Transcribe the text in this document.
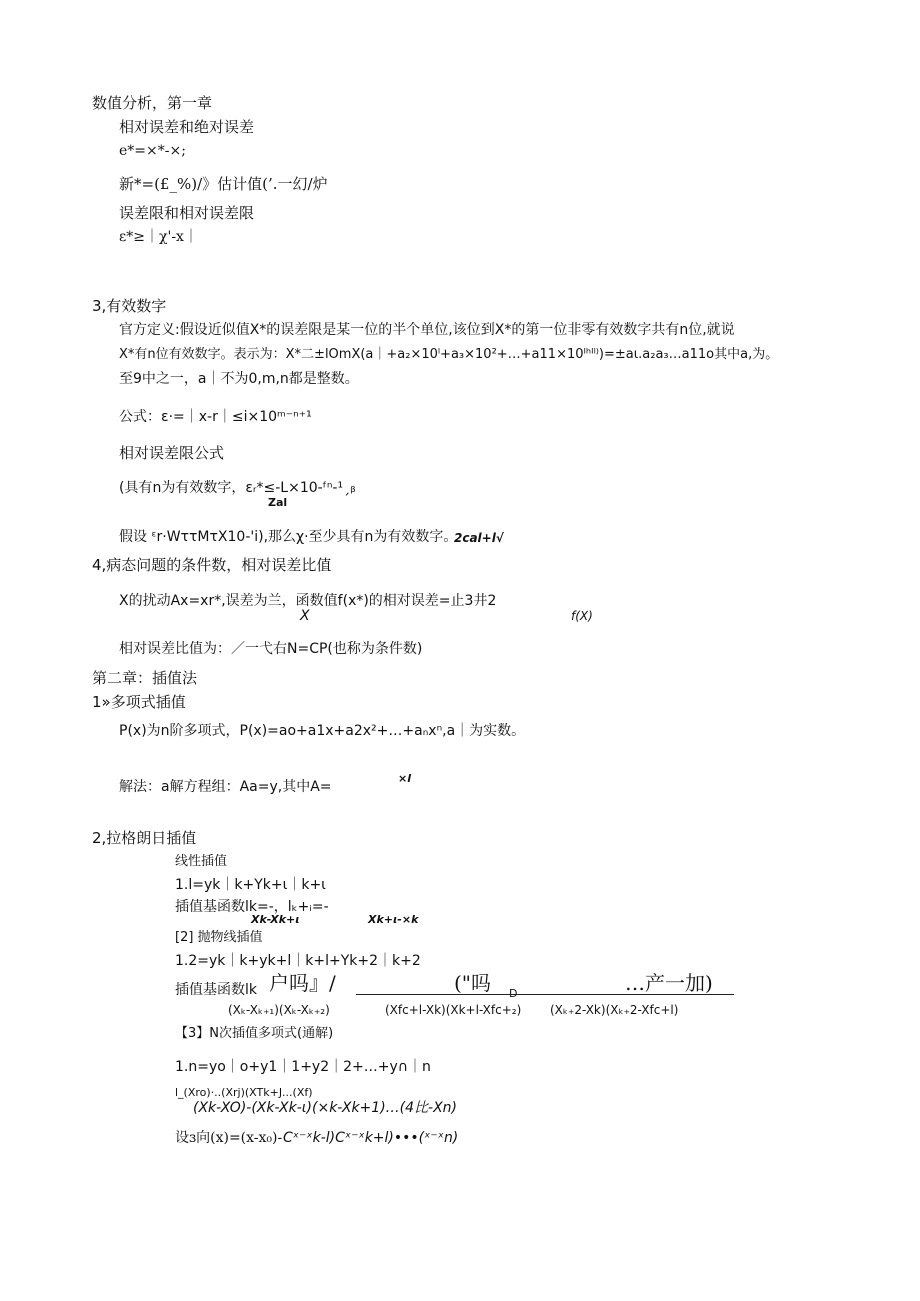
数值分析，第一章
相对误差和绝对误差
e*=×*-×;
新*=(£_%)/》估计值(’.一幻/炉
误差限和相对误差限
ε*≥｜χ'-x｜
3,有效数字
官方定义:假设近似值X*的误差限是某一位的半个单位,该位到X*的第一位非零有效数字共有n位,就说
X*有n位有效数字。表示为：X*二±lOmX(a｜+a₂×10ˡ+a₃×10²+…+a11×10ᴵʰᴵˡ⁾)=±aι.a₂a₃…a11o其中a,为。
至9中之一，a｜不为0,m,n都是整数。
公式：ε·=｜x-r｜≤i×10ᵐ⁻ⁿ⁺¹
相对误差限公式
(具有n为有效数字，εᵣ*≤-L×10-ᶠⁿ-¹ˏᵦ
Zal
假设 ᵋr·WττMτX10-'i),那么χ·至少具有n为有效数字。
2cal+l√
4,病态问题的条件数，相对误差比值
X的扰动Ax=xr*,误差为兰，函数值f(x*)的相对误差=止3井2
X	f(X)
相对误差比值为：／一弋右N=CP(也称为条件数)
第二章：插值法
1»多项式插值
P(x)为n阶多项式，P(x)=ao+a1x+a2x²+…+aₙxⁿ,a｜为实数。
解法：a解方程组：Aa=y,其中A=
×l
2,拉格朗日插值
线性插值
1.l=yk｜k+Yk+ι｜k+ι
插值基函数lk=-，lₖ+ᵢ=-
Xk-Xk+ι	Xk+ι-×k
[2] 抛物线插值
1.2=yk｜k+yk+l｜k+l+Yk+2｜k+2
插值基函数lk 户吗』/	("吗 D	…产一加)
(Xₖ-Xₖ₊₁)(Xₖ-Xₖ₊₂)	(Xfc+l-Xk)(Xk+l-Xfc+₂) (Xₖ₊2-Xk)(Xₖ₊2-Xfc+l)
【3】N次插值多项式(通解)
1.n=yo｜o+y1｜1+y2｜2+…+y∩｜n
l_(Xro)·..(Xrj)(XTk+J...(Xf)
(Xk-XO)-(Xk-Xk-ι)(×k-Xk+1)…(4比-Xn)
设ɜ向(x)=(x-x₀)- Cˣ⁻ˣk-l)Cˣ⁻ˣk+l)•••(ˣ⁻ˣn)
